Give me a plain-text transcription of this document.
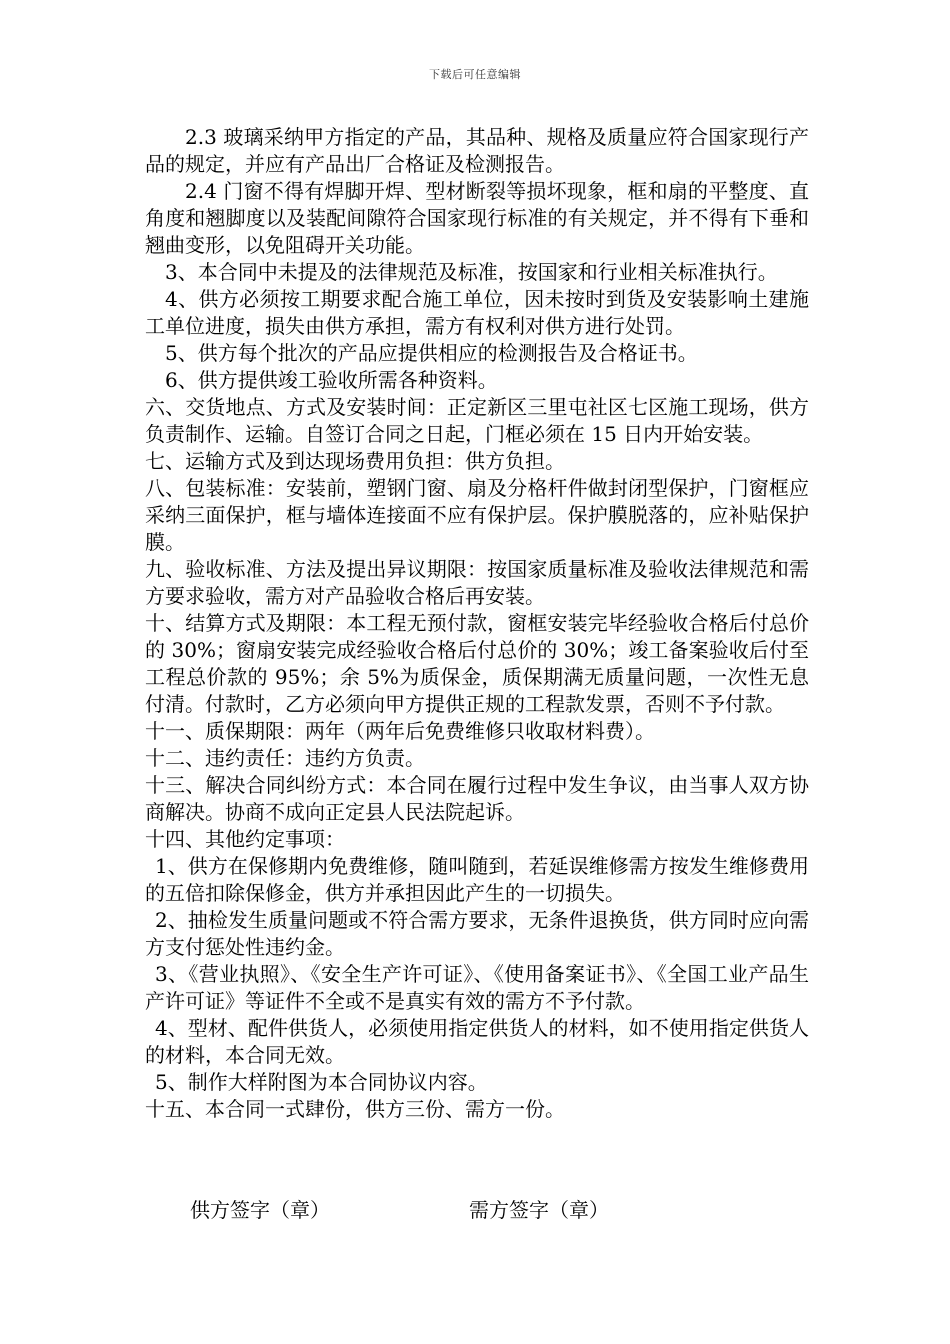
下载后可任意编辑

2.3 玻璃采纳甲方指定的产品，其品种、规格及质量应符合国家现行产品的规定，并应有产品出厂合格证及检测报告。

2.4 门窗不得有焊脚开焊、型材断裂等损坏现象，框和扇的平整度、直角度和翘脚度以及装配间隙符合国家现行标准的有关规定，并不得有下垂和翘曲变形，以免阻碍开关功能。

3、本合同中未提及的法律规范及标准，按国家和行业相关标准执行。

4、供方必须按工期要求配合施工单位，因未按时到货及安装影响土建施工单位进度，损失由供方承担，需方有权利对供方进行处罚。

5、供方每个批次的产品应提供相应的检测报告及合格证书。

6、供方提供竣工验收所需各种资料。

六、交货地点、方式及安装时间：正定新区三里屯社区七区施工现场，供方负责制作、运输。自签订合同之日起，门框必须在 15 日内开始安装。

七、运输方式及到达现场费用负担：供方负担。

八、包装标准：安装前，塑钢门窗、扇及分格杆件做封闭型保护，门窗框应采纳三面保护，框与墙体连接面不应有保护层。保护膜脱落的，应补贴保护膜。

九、验收标准、方法及提出异议期限：按国家质量标准及验收法律规范和需方要求验收，需方对产品验收合格后再安装。

十、结算方式及期限：本工程无预付款，窗框安装完毕经验收合格后付总价的 30%；窗扇安装完成经验收合格后付总价的 30%；竣工备案验收后付至工程总价款的 95%；余 5%为质保金，质保期满无质量问题，一次性无息付清。付款时，乙方必须向甲方提供正规的工程款发票，否则不予付款。

十一、质保期限：两年（两年后免费维修只收取材料费）。

十二、违约责任：违约方负责。

十三、解决合同纠纷方式：本合同在履行过程中发生争议，由当事人双方协商解决。协商不成向正定县人民法院起诉。

十四、其他约定事项：

1、供方在保修期内免费维修，随叫随到，若延误维修需方按发生维修费用的五倍扣除保修金，供方并承担因此产生的一切损失。

2、抽检发生质量问题或不符合需方要求，无条件退换货，供方同时应向需方支付惩处性违约金。

3、《营业执照》、《安全生产许可证》、《使用备案证书》、《全国工业产品生产许可证》等证件不全或不是真实有效的需方不予付款。

4、型材、配件供货人，必须使用指定供货人的材料，如不使用指定供货人的材料，本合同无效。

5、制作大样附图为本合同协议内容。

十五、本合同一式肆份，供方三份、需方一份。

供方签字（章）	需方签字（章）
